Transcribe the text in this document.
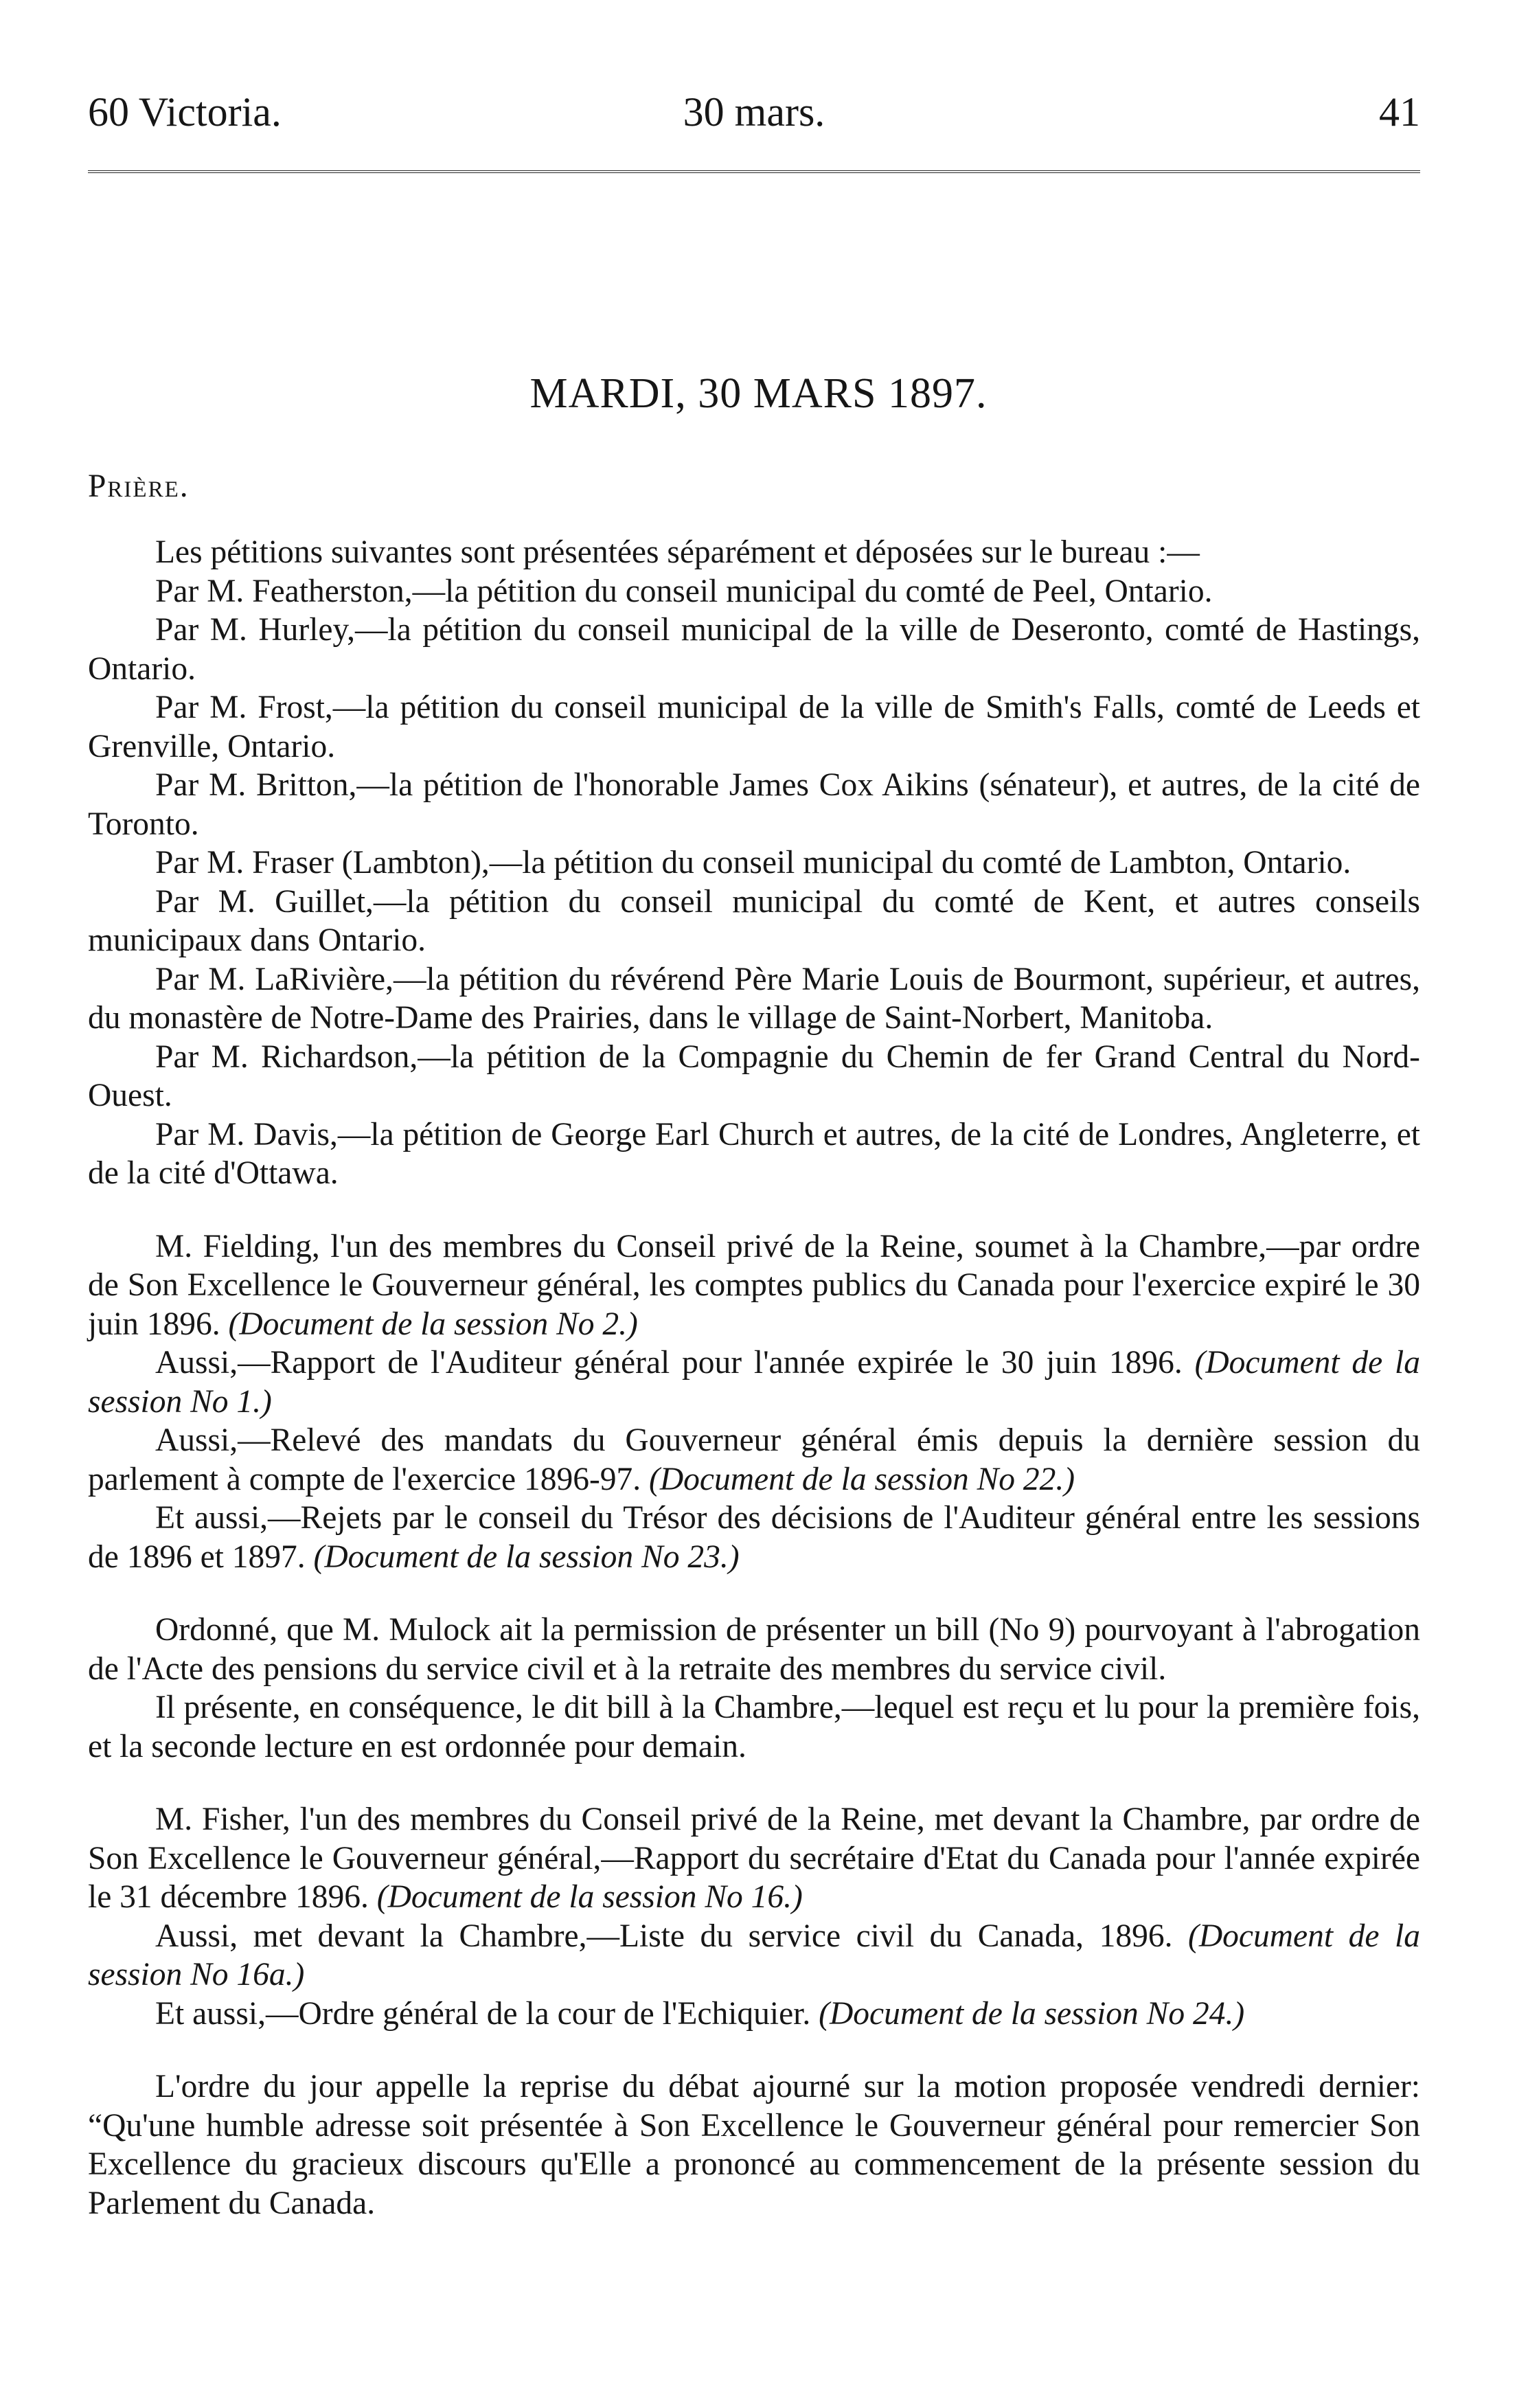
30 mars.
60 Victoria.	41
MARDI, 30 MARS 1897.
Prière.

Les pétitions suivantes sont présentées séparément et déposées sur le bureau :—

Par M. Featherston,—la pétition du conseil municipal du comté de Peel, Ontario.

Par M. Hurley,—la pétition du conseil municipal de la ville de Deseronto, comté de Hastings, Ontario.

Par M. Frost,—la pétition du conseil municipal de la ville de Smith's Falls, comté de Leeds et Grenville, Ontario.

Par M. Britton,—la pétition de l'honorable James Cox Aikins (sénateur), et autres, de la cité de Toronto.

Par M. Fraser (Lambton),—la pétition du conseil municipal du comté de Lambton, Ontario.

Par M. Guillet,—la pétition du conseil municipal du comté de Kent, et autres conseils municipaux dans Ontario.

Par M. LaRivière,—la pétition du révérend Père Marie Louis de Bourmont, supérieur, et autres, du monastère de Notre-Dame des Prairies, dans le village de Saint-Norbert, Manitoba.

Par M. Richardson,—la pétition de la Compagnie du Chemin de fer Grand Central du Nord-Ouest.

Par M. Davis,—la pétition de George Earl Church et autres, de la cité de Londres, Angleterre, et de la cité d'Ottawa.

M. Fielding, l'un des membres du Conseil privé de la Reine, soumet à la Chambre,—par ordre de Son Excellence le Gouverneur général, les comptes publics du Canada pour l'exercice expiré le 30 juin 1896. (Document de la session No 2.)

Aussi,—Rapport de l'Auditeur général pour l'année expirée le 30 juin 1896. (Document de la session No 1.)

Aussi,—Relevé des mandats du Gouverneur général émis depuis la dernière session du parlement à compte de l'exercice 1896-97. (Document de la session No 22.)

Et aussi,—Rejets par le conseil du Trésor des décisions de l'Auditeur général entre les sessions de 1896 et 1897. (Document de la session No 23.)

Ordonné, que M. Mulock ait la permission de présenter un bill (No 9) pourvoyant à l'abrogation de l'Acte des pensions du service civil et à la retraite des membres du service civil.

Il présente, en conséquence, le dit bill à la Chambre,—lequel est reçu et lu pour la première fois, et la seconde lecture en est ordonnée pour demain.

M. Fisher, l'un des membres du Conseil privé de la Reine, met devant la Chambre, par ordre de Son Excellence le Gouverneur général,—Rapport du secrétaire d'Etat du Canada pour l'année expirée le 31 décembre 1896. (Document de la session No 16.)

Aussi, met devant la Chambre,—Liste du service civil du Canada, 1896. (Document de la session No 16a.)

Et aussi,—Ordre général de la cour de l'Echiquier. (Document de la session No 24.)

L'ordre du jour appelle la reprise du débat ajourné sur la motion proposée vendredi dernier: “Qu'une humble adresse soit présentée à Son Excellence le Gouverneur général pour remercier Son Excellence du gracieux discours qu'Elle a prononcé au commencement de la présente session du Parlement du Canada.
